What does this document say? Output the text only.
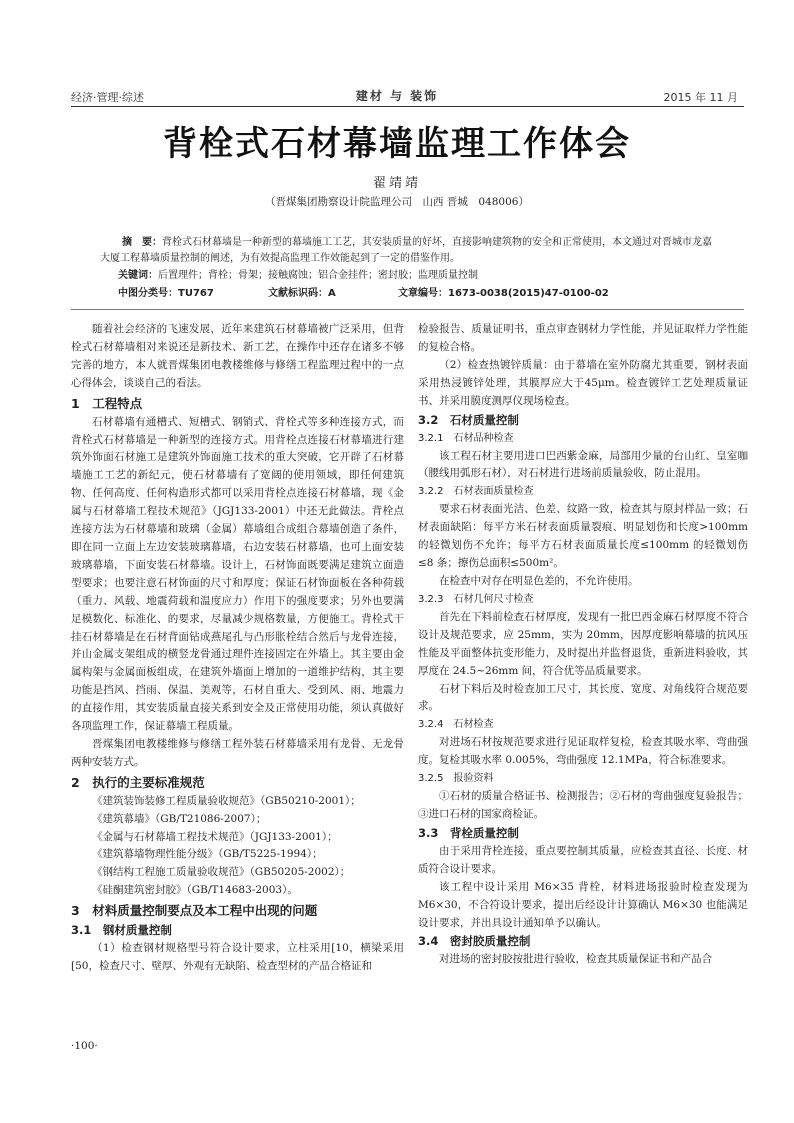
经济·管理·综述	建材 与 装饰	2015 年 11 月
背栓式石材幕墙监理工作体会
翟靖靖
（晋煤集团勘察设计院监理公司　山西 晋城　048006）
摘　要：背栓式石材幕墙是一种新型的幕墙施工工艺，其安装质量的好坏，直接影响建筑物的安全和正常使用，本文通过对晋城市龙嘉大厦工程幕墙质量控制的阐述，为有效提高监理工作效能起到了一定的借鉴作用。
关键词：后置理件；背栓；骨架；接触腐蚀；铝合金挂件；密封胶；监理质量控制
中图分类号：TU767	文献标识码：A	文章编号：1673-0038(2015)47-0100-02

随着社会经济的飞速发展，近年来建筑石材幕墙被广泛采用，但背栓式石材幕墙相对来说还是新技术、新工艺，在操作中还存在诸多不够完善的地方，本人就晋煤集团电教楼维修与修缮工程监理过程中的一点心得体会，谈谈自己的看法。

1　工程特点

石材幕墙有通槽式、短槽式、钢销式、背栓式等多种连接方式，而背栓式石材幕墙是一种新型的连接方式。用背栓点连接石材幕墙进行建筑外饰面石材施工是建筑外饰面施工技术的重大突破，它开辟了石材幕墙施工工艺的新纪元，使石材幕墙有了宽阔的使用领域，即任何建筑物、任何高度、任何构造形式都可以采用背栓点连接石材幕墙，现《金属与石材幕墙工程技术规范》（JGJ133-2001）中还无此做法。背栓点连接方法为石材幕墙和玻璃（金属）幕墙组合成组合幕墙创造了条件，即在同一立面上左边安装玻璃幕墙，右边安装石材幕墙，也可上面安装玻璃幕墙，下面安装石材幕墙。设计上，石材饰面既要满足建筑立面造型要求；也要注意石材饰面的尺寸和厚度；保证石材饰面板在各种荷载（重力、风载、地震荷载和温度应力）作用下的强度要求；另外也要满足模数化、标准化、的要求，尽量减少规格数量，方便施工。背栓式干挂石材幕墙是在石材背面钻成燕尾孔与凸形胀栓结合然后与龙骨连接，并山金属支架组成的横竖龙骨通过理件连接固定在外墙上。其主要由金属构架与金属面板组成，在建筑外墙面上增加的一道维护结构，其主要功能是挡风、挡雨、保温、美观等，石材自重大、受到风、雨、地震力的直接作用，其安装质量直接关系到安全及正常使用功能，须认真做好各项监理工作，保证幕墙工程质量。

晋煤集团电教楼维修与修缮工程外装石材幕墙采用有龙骨、无龙骨两种安装方式。

2　执行的主要标准规范
《建筑装饰装修工程质量验收规范》（GB50210-2001）；
《建筑幕墙》（GB/T21086-2007）；
《金属与石材幕墙工程技术规范》（JGJ133-2001）；
《建筑幕墙物理性能分级》（GB/T5225-1994）；
《钢结构工程施工质量验收规范》（GB50205-2002）；
《硅酮建筑密封胶》（GB/T14683-2003）。
3　材料质量控制要点及本工程中出现的问题
3.1　钢材质量控制

（1）检查钢材规格型号符合设计要求，立柱采用[10，横梁采用[50，检查尺寸、壁厚、外观有无缺陷、检查型材的产品合格证和

检验报告、质量证明书，重点审查钢材力学性能，并见证取样力学性能的复检合格。

（2）检查热镀锌质量：由于幕墙在室外防腐尤其重要，钢材表面采用热浸镀锌处理，其膜厚应大于45μm。检查镀锌工艺处理质量证书、并采用膜度测厚仪现场检查。

3.2　石材质量控制
3.2.1　石材品种检查

该工程石材主要用进口巴西紫金麻，局部用少量的台山红、皇室咖（腰线用弧形石材），对石材进行进场前质量验收，防止混用。

3.2.2　石材表面质量检查

要求石材表面光洁、色差、纹路一致，检查其与原封样品一致；石材表面缺陷：每平方米石材表面质量裂痕、明显划伤和长度>100mm 的轻微划伤不允许；每平方石材表面质量长度≤100mm 的轻微划伤≤8 条；擦伤总面积≤500m²。

在检查中对存在明显色差的，不允许使用。

3.2.3　石材几何尺寸检查

首先在下料前检查石材厚度，发现有一批巴西金麻石材厚度不符合设计及规范要求，应 25mm，实为 20mm，因厚度影响幕墙的抗风压性能及平面整体抗变形能力，及时提出并监督退货，重新进料验收，其厚度在 24.5~26mm 间，符合优等品质量要求。

石材下料后及时检查加工尺寸，其长度、宽度、对角线符合规范要求。

3.2.4　石材检查

对进场石材按规范要求进行见证取样复检，检查其吸水率、弯曲强度。复检其吸水率 0.005%，弯曲强度 12.1MPa，符合标准要求。

3.2.5　报验资料

①石材的质量合格证书、检测报告；②石材的弯曲强度复验报告；③进口石材的国家商检证。

3.3　背栓质量控制

由于采用背栓连接，重点要控制其质量，应检查其直径、长度、材质符合设计要求。

该工程中设计采用 M6×35 背栓，材料进场报验时检查发现为 M6×30，不合符设计要求，提出后经设计计算确认 M6×30 也能满足设计要求，并出具设计通知单予以确认。

3.4　密封胶质量控制

对进场的密封胶按批进行验收，检查其质量保证书和产品合

·100·
